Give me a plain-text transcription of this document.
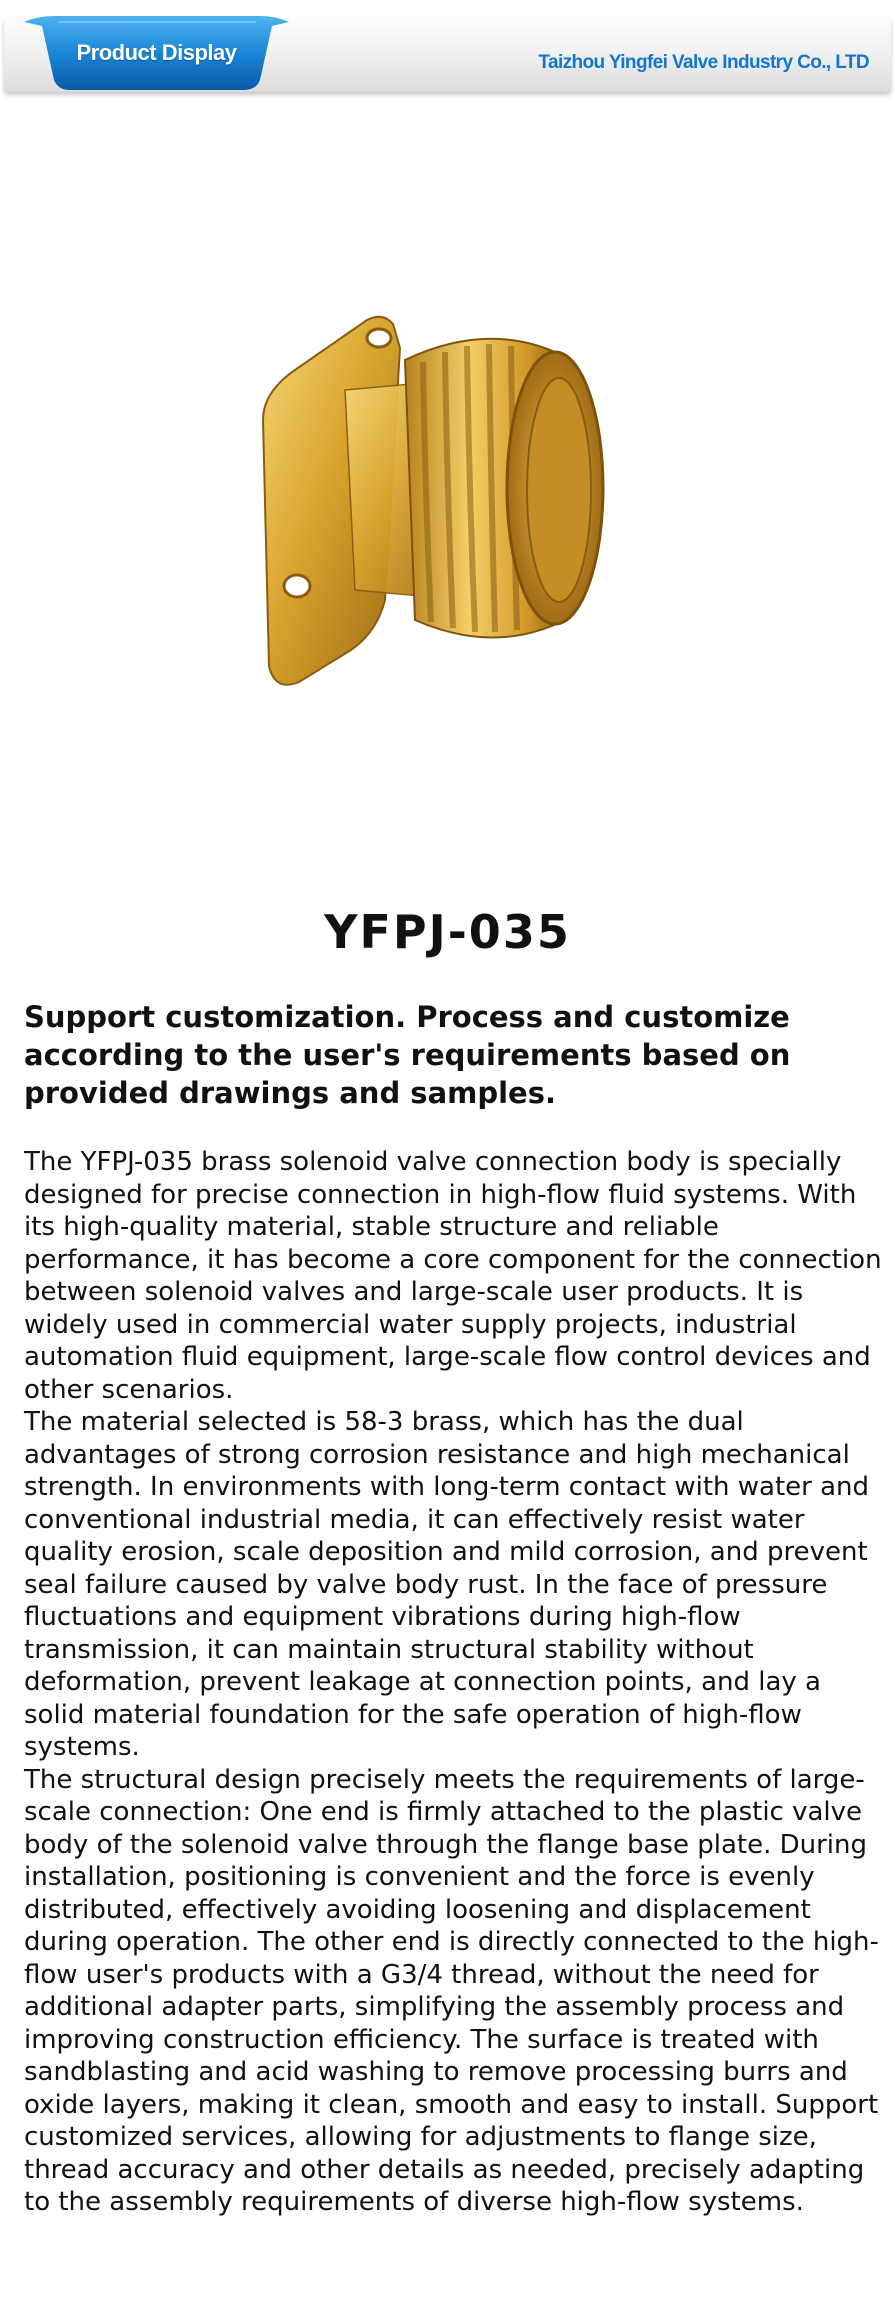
Product Display	Taizhou Yingfei Valve Industry Co., LTD
YFPJ-035
Support customization. Process and customize according to the user's requirements based on provided drawings and samples.

The YFPJ-035 brass solenoid valve connection body is specially designed for precise connection in high-flow fluid systems. With its high-quality material, stable structure and reliable performance, it has become a core component for the connection between solenoid valves and large-scale user products. It is widely used in commercial water supply projects, industrial automation fluid equipment, large-scale flow control devices and other scenarios.

The material selected is 58-3 brass, which has the dual advantages of strong corrosion resistance and high mechanical strength. In environments with long-term contact with water and conventional industrial media, it can effectively resist water quality erosion, scale deposition and mild corrosion, and prevent seal failure caused by valve body rust. In the face of pressure fluctuations and equipment vibrations during high-flow transmission, it can maintain structural stability without deformation, prevent leakage at connection points, and lay a solid material foundation for the safe operation of high-flow systems.

The structural design precisely meets the requirements of large-scale connection: One end is firmly attached to the plastic valve body of the solenoid valve through the flange base plate. During installation, positioning is convenient and the force is evenly distributed, effectively avoiding loosening and displacement during operation. The other end is directly connected to the high-flow user's products with a G3/4 thread, without the need for additional adapter parts, simplifying the assembly process and improving construction efficiency. The surface is treated with sandblasting and acid washing to remove processing burrs and oxide layers, making it clean, smooth and easy to install. Support customized services, allowing for adjustments to flange size, thread accuracy and other details as needed, precisely adapting to the assembly requirements of diverse high-flow systems.
